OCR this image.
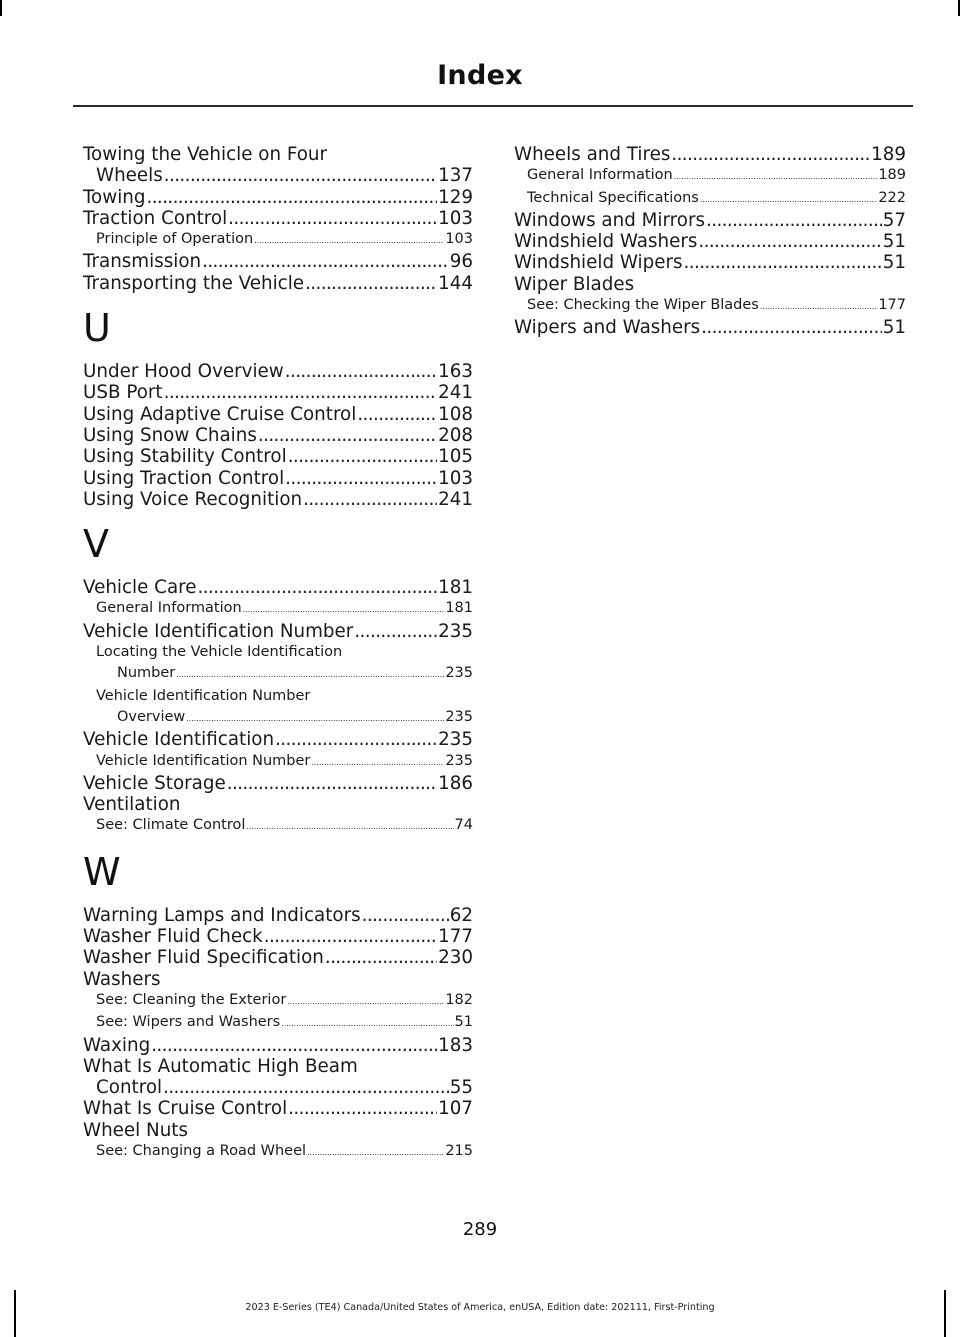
Index
Towing the Vehicle on Four
Wheels . . .	137
Towing . . .	129
Traction Control . . .	103
Principle of Operation . . .	103
Transmission . . .	96
Transporting the Vehicle . . .	144
U
Under Hood Overview . . .	163
USB Port . . .	241
Using Adaptive Cruise Control . . .	108
Using Snow Chains . . .	208
Using Stability Control . . .	105
Using Traction Control . . .	103
Using Voice Recognition . . .	241
V
Vehicle Care . . .	181
General Information . . .	181
Vehicle Identification Number . . .	235
Locating the Vehicle Identification
Number . . .	235
Vehicle Identification Number
Overview . . .	235
Vehicle Identification . . .	235
Vehicle Identification Number . . .	235
Vehicle Storage . . .	186
Ventilation
See: Climate Control . . .	74
W
Warning Lamps and Indicators . . .	62
Washer Fluid Check . . .	177
Washer Fluid Specification . . .	230
Washers
See: Cleaning the Exterior . . .	182
See: Wipers and Washers . . .	51
Waxing . . .	183
What Is Automatic High Beam
Control . . .	55
What Is Cruise Control . . .	107
Wheel Nuts
See: Changing a Road Wheel . . .	215
Wheels and Tires . . .	189
General Information . . .	189
Technical Specifications . . .	222
Windows and Mirrors . . .	57
Windshield Washers . . .	51
Windshield Wipers . . .	51
Wiper Blades
See: Checking the Wiper Blades . . .	177
Wipers and Washers . . .	51
289
2023 E-Series (TE4) Canada/United States of America, enUSA, Edition date: 202111, First-Printing
